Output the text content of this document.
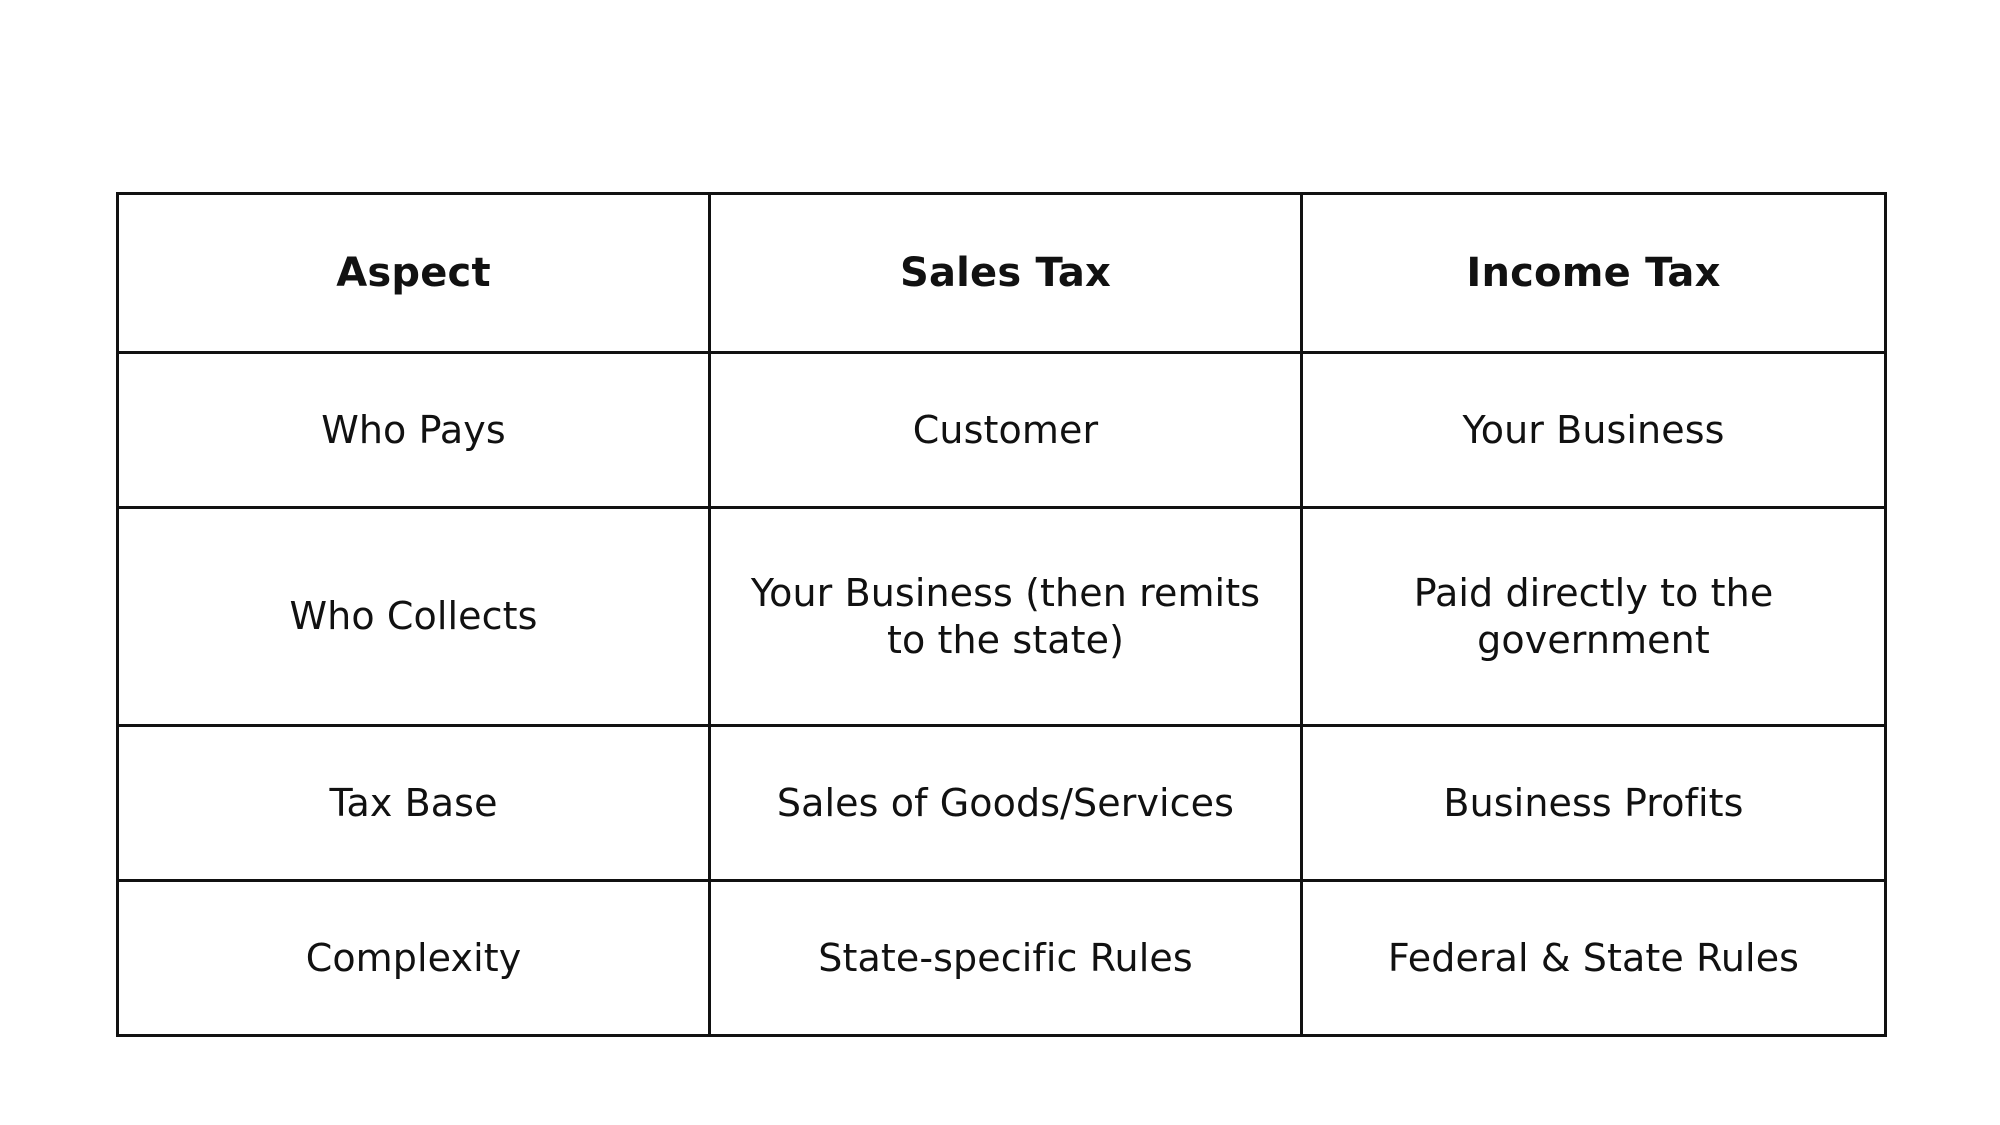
Aspect	Sales Tax	Income Tax

Who Pays	Customer	Your Business

Who Collects	Your Business (then remits to the state)	Paid directly to the government

Tax Base	Sales of Goods/Services	Business Profits

Complexity	State-specific Rules	Federal & State Rules
